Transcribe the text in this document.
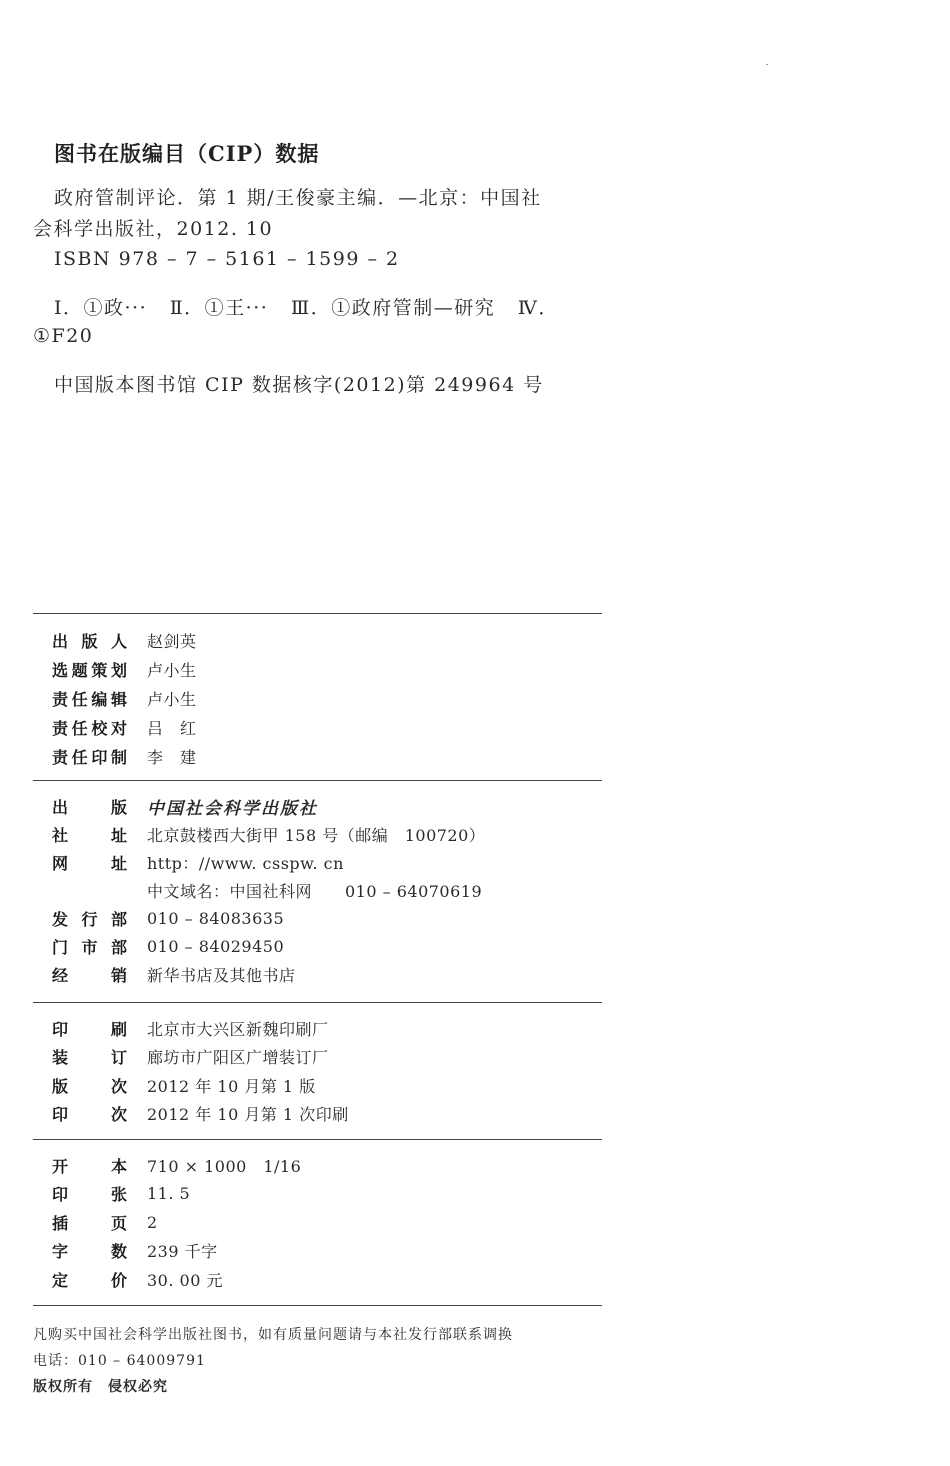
图书在版编目（CIP）数据
政府管制评论．第 1 期/王俊豪主编．—北京：中国社
会科学出版社，2012. 10
ISBN 978 – 7 – 5161 – 1599 – 2
Ⅰ．①政···   Ⅱ．①王···   Ⅲ．①政府管制—研究   Ⅳ．
①F20
中国版本图书馆 CIP 数据核字(2012)第 249964 号
出 版 人 赵剑英
选 题 策 划 卢小生
责 任 编 辑 卢小生
责 任 校 对 吕　红
责 任 印 制 李　建
出	版 中国社会科学出版社
社	址 北京鼓楼西大街甲 158 号（邮编　100720）
网	址 http：//www. csspw. cn
中文域名：中国社科网　　010 – 64070619
发 行 部 010 – 84083635
门 市 部 010 – 84029450
经	销 新华书店及其他书店
印	刷 北京市大兴区新魏印刷厂
装	订 廊坊市广阳区广增装订厂
版	次 2012 年 10 月第 1 版
印	次 2012 年 10 月第 1 次印刷
开	本 710 × 1000　1/16
印	张 11. 5
插	页 2
字	数 239 千字
定	价 30. 00 元
凡购买中国社会科学出版社图书，如有质量问题请与本社发行部联系调换
电话：010 – 64009791
版权所有　侵权必究
